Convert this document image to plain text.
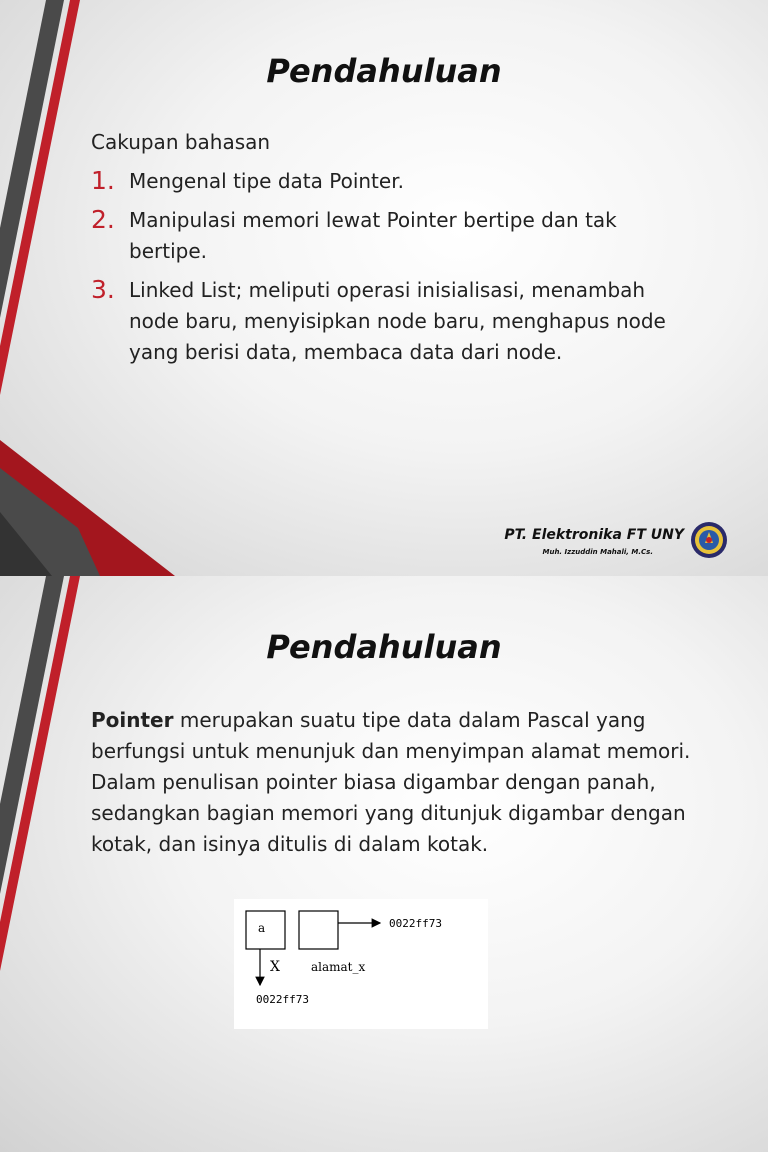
Pendahuluan
Cakupan bahasan
1. Mengenal tipe data Pointer.
2. Manipulasi memori lewat Pointer bertipe dan tak bertipe.
3. Linked List; meliputi operasi inisialisasi, menambah node baru, menyisipkan node baru, menghapus node yang berisi data, membaca data dari node.
PT. Elektronika FT UNY
Muh. Izzuddin Mahali, M.Cs.
Pendahuluan
Pointer merupakan suatu tipe data dalam Pascal yang berfungsi untuk menunjuk dan menyimpan alamat memori. Dalam penulisan pointer biasa digambar dengan panah, sedangkan bagian memori yang ditunjuk digambar dengan kotak, dan isinya ditulis di dalam kotak.
a	0022ff73
X	alamat_x
0022ff73
